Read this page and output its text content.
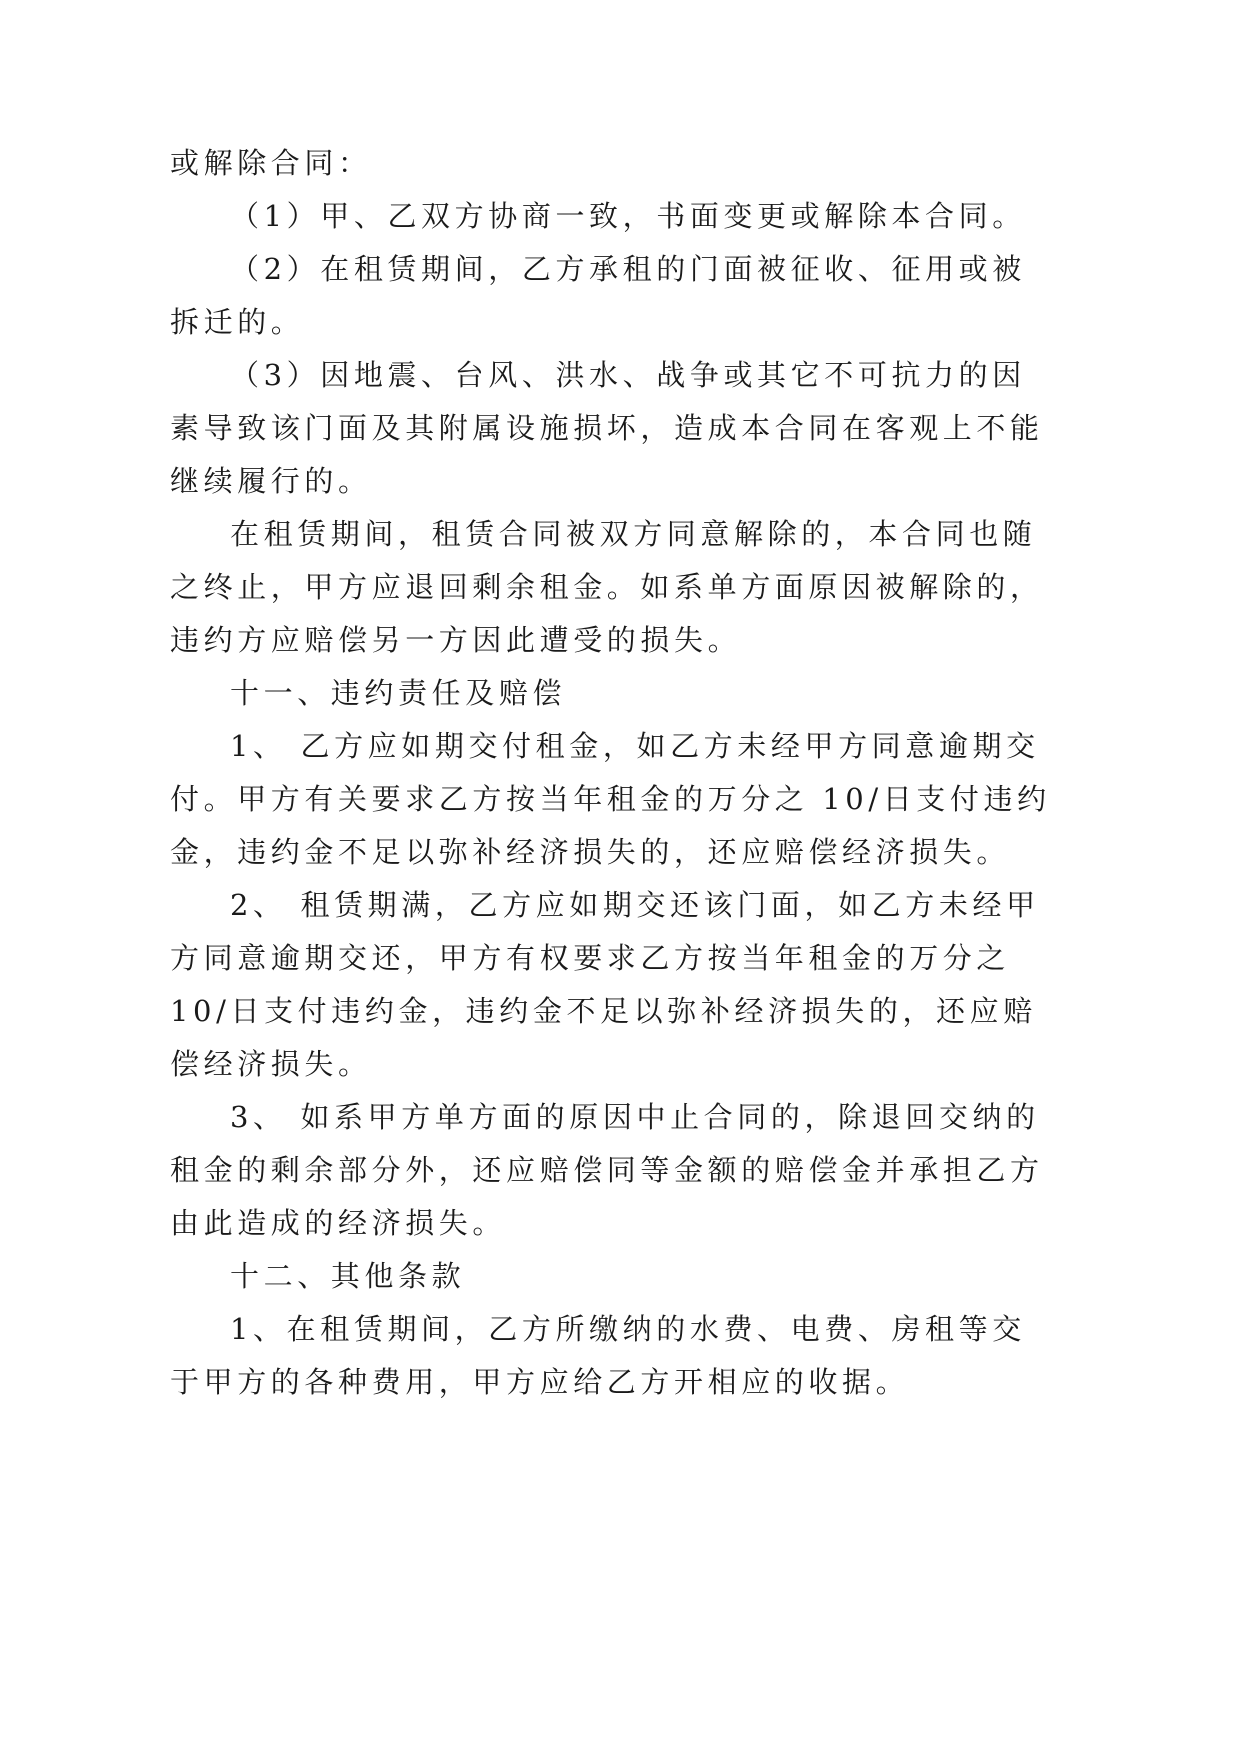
或解除合同：
（1）甲、乙双方协商一致，书面变更或解除本合同。
（2）在租赁期间，乙方承租的门面被征收、征用或被
拆迁的。
（3）因地震、台风、洪水、战争或其它不可抗力的因
素导致该门面及其附属设施损坏，造成本合同在客观上不能
继续履行的。
在租赁期间，租赁合同被双方同意解除的，本合同也随
之终止，甲方应退回剩余租金。如系单方面原因被解除的，
违约方应赔偿另一方因此遭受的损失。
十一、违约责任及赔偿
1、 乙方应如期交付租金，如乙方未经甲方同意逾期交
付。甲方有关要求乙方按当年租金的万分之 10/日支付违约
金，违约金不足以弥补经济损失的，还应赔偿经济损失。
2、 租赁期满，乙方应如期交还该门面，如乙方未经甲
方同意逾期交还，甲方有权要求乙方按当年租金的万分之
10/日支付违约金，违约金不足以弥补经济损失的，还应赔
偿经济损失。
3、 如系甲方单方面的原因中止合同的，除退回交纳的
租金的剩余部分外，还应赔偿同等金额的赔偿金并承担乙方
由此造成的经济损失。
十二、其他条款
1、在租赁期间，乙方所缴纳的水费、电费、房租等交
于甲方的各种费用，甲方应给乙方开相应的收据。
